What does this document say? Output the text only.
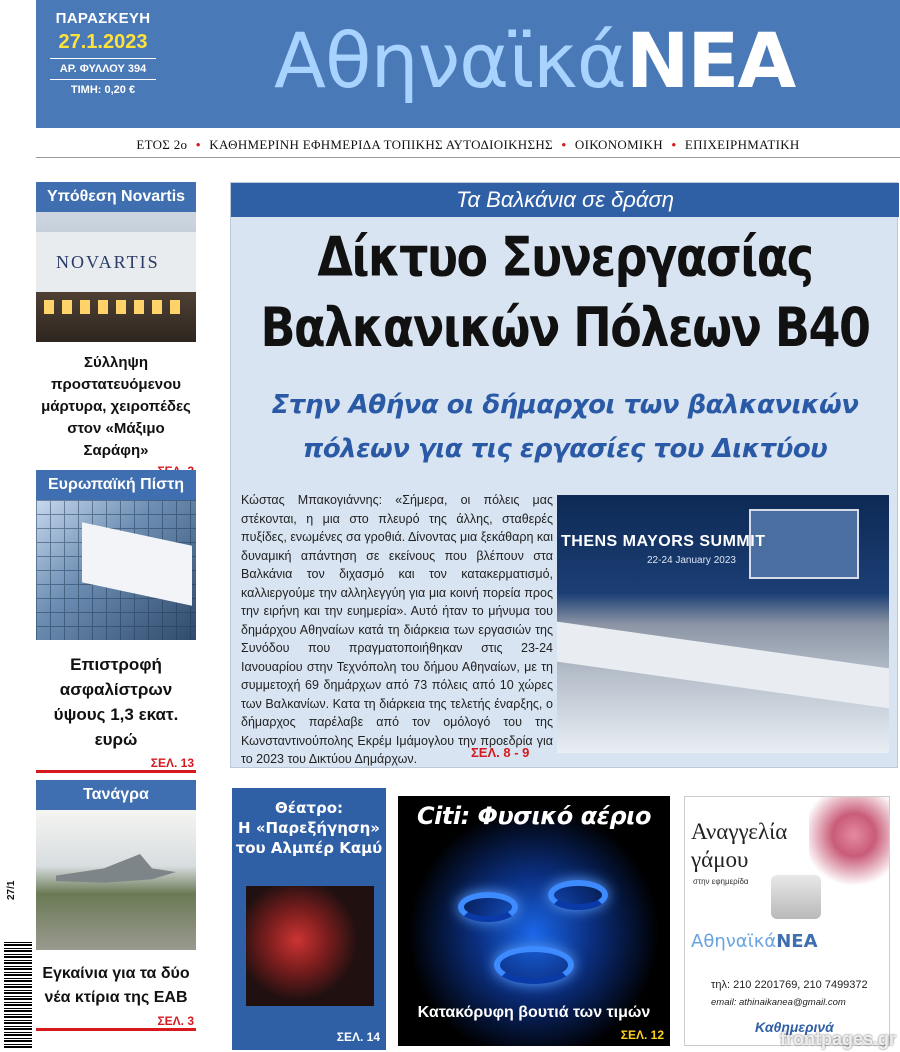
ΠΑΡΑΣΚΕΥΗ
27.1.2023
ΑΡ. ΦΥΛΛΟΥ 394
ΤΙΜΗ: 0,20 €	ΑθηναϊκάΝΕΑ
ΕΤΟΣ 2ο • ΚΑΘΗΜΕΡΙΝΗ ΕΦΗΜΕΡΙΔΑ ΤΟΠΙΚΗΣ ΑΥΤΟΔΙΟΙΚΗΣΗΣ • ΟΙΚΟΝΟΜΙΚΗ • ΕΠΙΧΕΙΡΗΜΑΤΙΚΗ
Υπόθεση Novartis
NOVARTIS
Σύλληψη προστατευόμενου μάρτυρα, χειροπέδες στον «Μάξιμο Σαράφη»
Ευρωπαϊκή Πίστη
Επιστροφή ασφαλίστρων ύψους 1,3 εκατ. ευρώ
ΣΕΛ. 13
Τανάγρα
Εγκαίνια για τα δύο νέα κτίρια της ΕΑΒ
ΣΕΛ. 3
Τα Βαλκάνια σε δράση
Δίκτυο Συνεργασίας
Βαλκανικών Πόλεων Β40
Στην Αθήνα οι δήμαρχοι των βαλκανικών
πόλεων για τις εργασίες του Δικτύου
Κώστας Μπακογιάννης: «Σήμερα, οι πόλεις μας στέκονται, η μια στο πλευρό της άλλης, σταθερές πυξίδες, ενωμένες σα γροθιά. Δίνοντας μια ξεκάθαρη και δυναμική απάντηση σε εκείνους που βλέπουν στα Βαλκάνια τον διχασμό και τον κατακερματισμό, καλλιεργούμε την αλληλεγγύη για μια κοινή πορεία προς την ειρήνη και την ευημερία». Αυτό ήταν το μήνυμα του δημάρχου Αθηναίων κατά τη διάρκεια των εργασιών της Συνόδου που πραγματοποιήθηκαν στις 23-24 Ιανουαρίου στην Τεχνόπολη του δήμου Αθηναίων, με τη συμμετοχή 69 δημάρχων από 73 πόλεις από 10 χώρες των Βαλκανίων. Κατα τη διάρκεια της τελετής έναρξης, ο δήμαρχος παρέλαβε από τον ομόλογό του της Κωνσταντινούπολης Εκρέμ Ιμάμογλου την προεδρία για το 2023 του Δικτύου Δημάρχων.	ΣΕΛ. 8 - 9
THENS MAYORS SUMMIT
22-24 January 2023
Θέατρο:
Η «Παρεξήγηση»
του Αλμπέρ Καμύ
ΣΕΛ. 14
Citi: Φυσικό αέριο
Κατακόρυφη βουτιά των τιμών
ΣΕΛ. 12
Αναγγελία
γάμου
στην εφημερίδα
ΑθηναϊκάΝΕΑ
τηλ: 210 2201769, 210 7499372
email: athinaikanea@gmail.com
Καθημερινά
27/1
frontpages.gr
